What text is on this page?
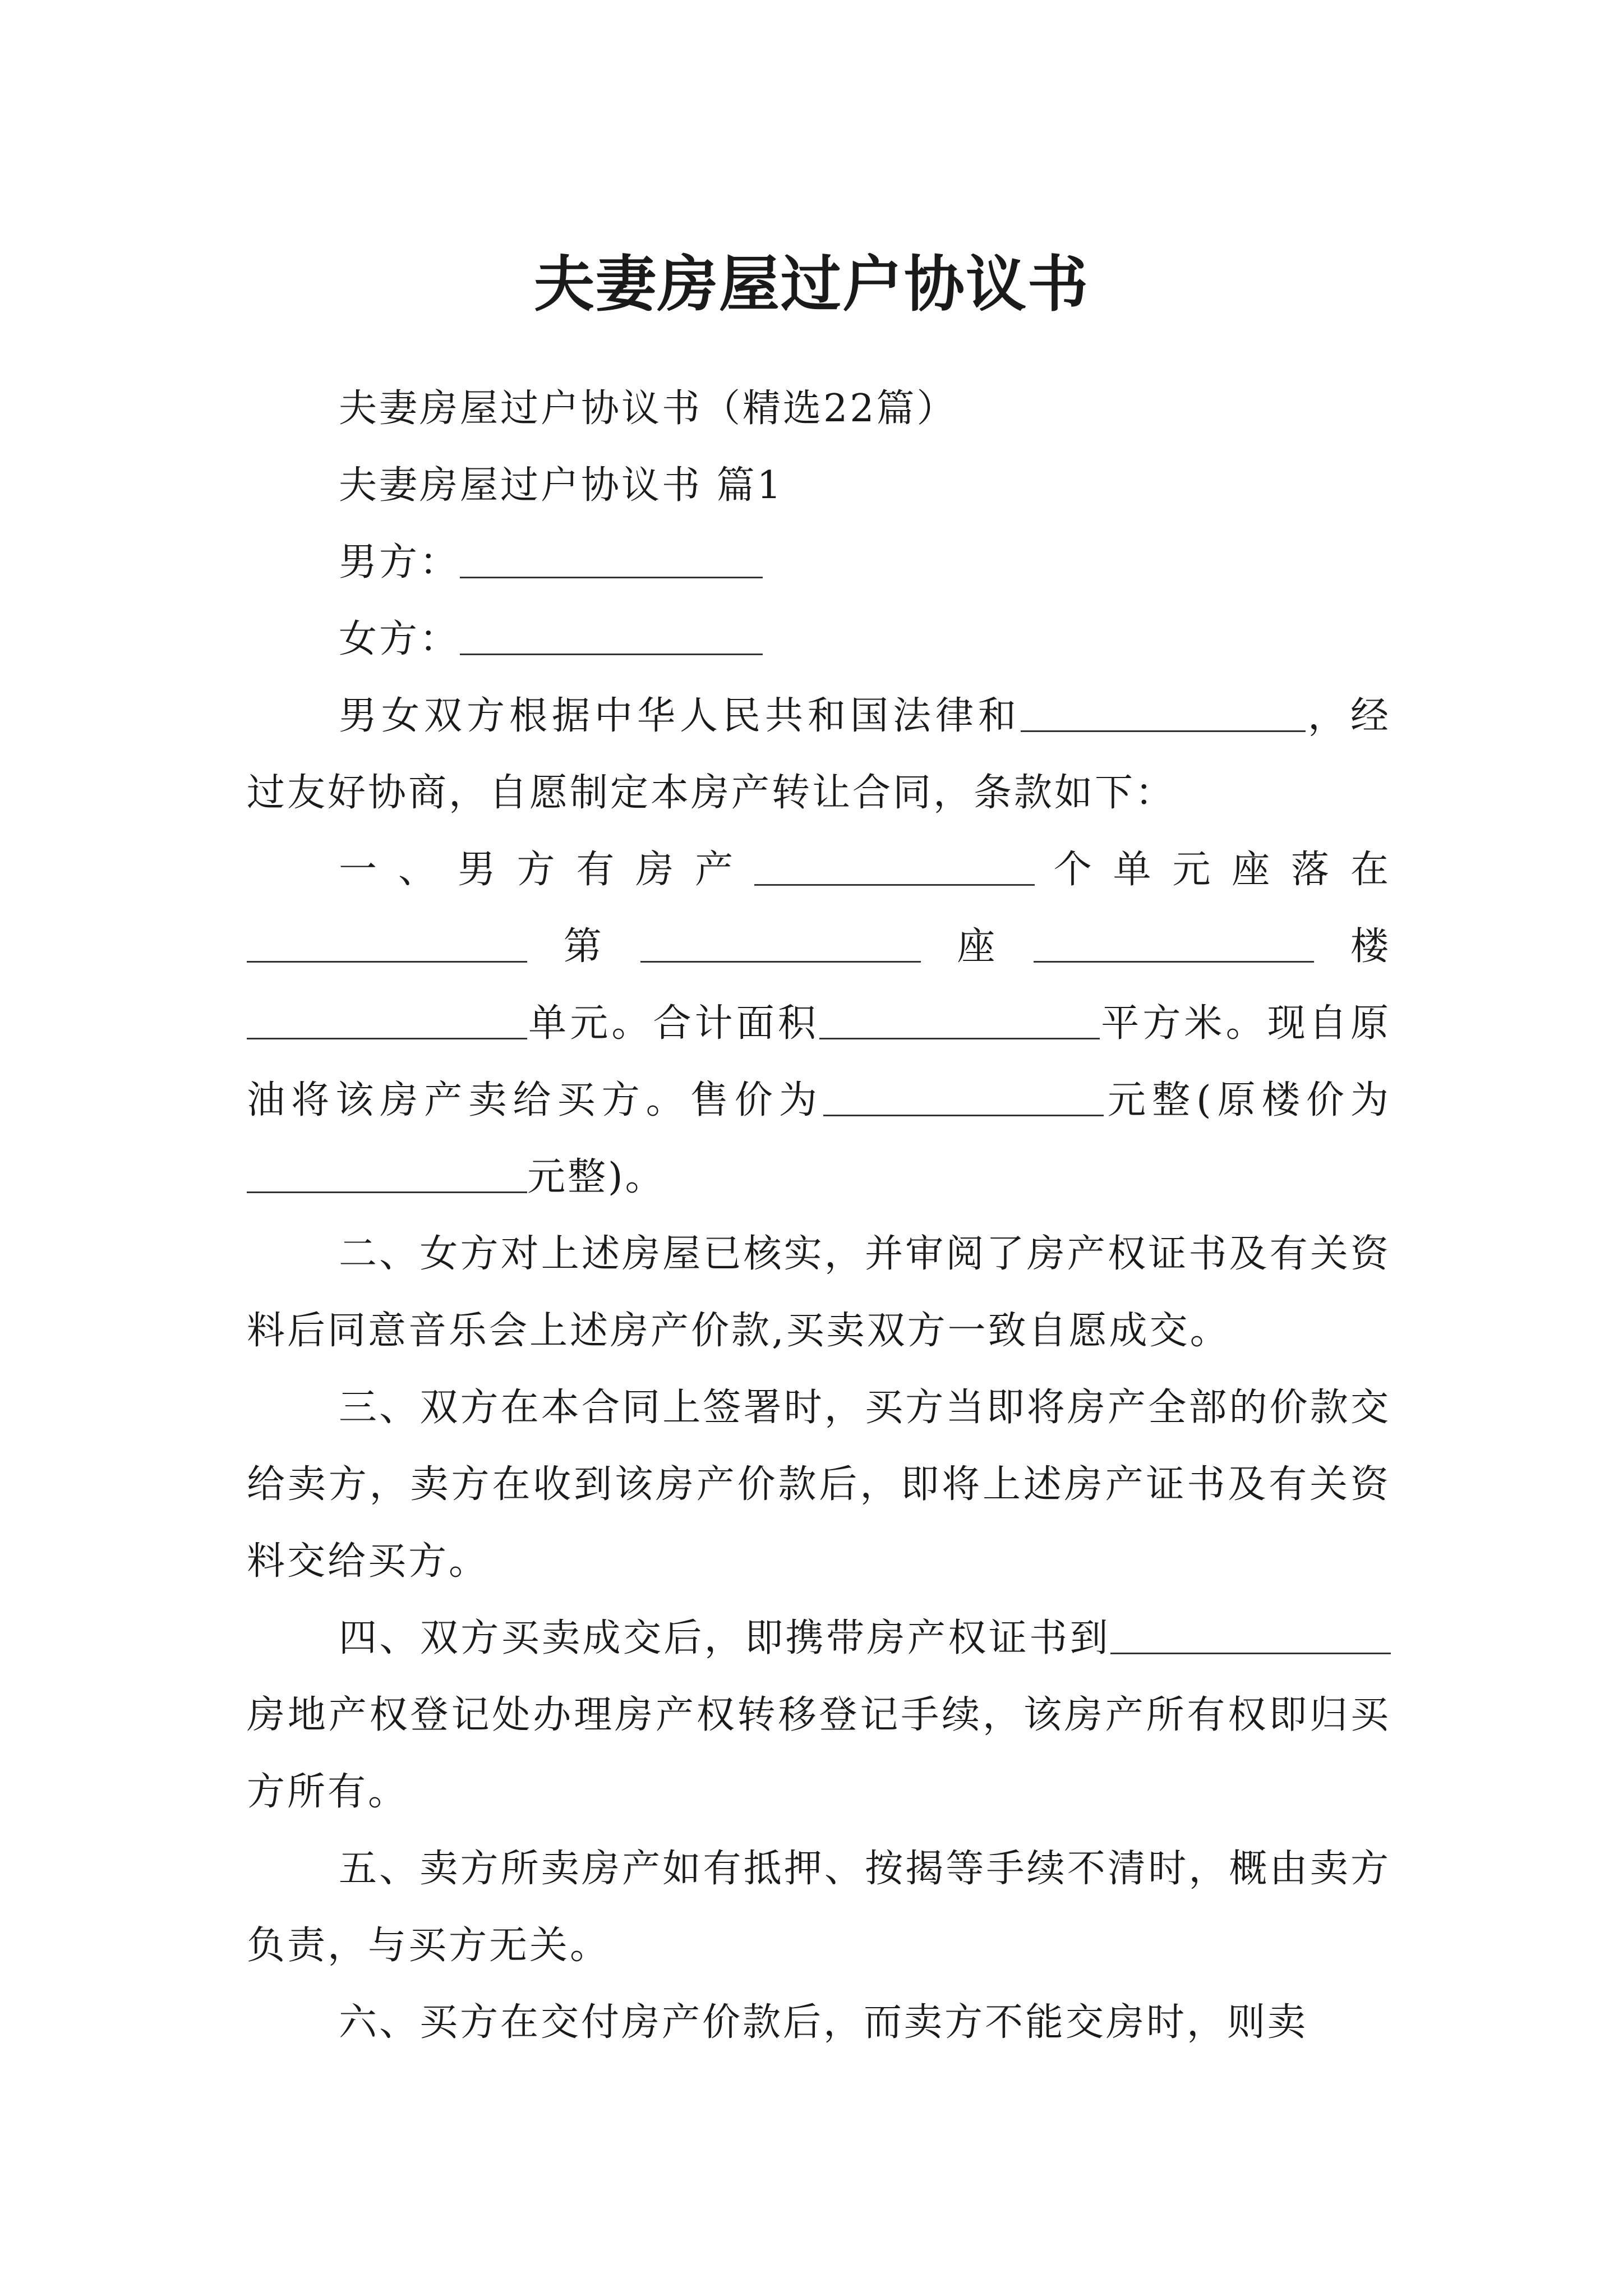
夫妻房屋过户协议书

夫妻房屋过户协议书（精选22篇）

夫妻房屋过户协议书 篇1

男方：

女方：

男女双方根据中华人民共和国法律和	，经过友好协商，自愿制定本房产转让合同，条款如下：

一、男方有房产	个单元座落在第	座	楼单元。合计面积	平方米。现自原油将该房产卖给买方。售价为	元整(原楼价为元整)。

二、女方对上述房屋已核实，并审阅了房产权证书及有关资料后同意音乐会上述房产价款,买卖双方一致自愿成交。

三、双方在本合同上签署时，买方当即将房产全部的价款交给卖方，卖方在收到该房产价款后，即将上述房产证书及有关资料交给买方。

四、双方买卖成交后，即携带房产权证书到房地产权登记处办理房产权转移登记手续，该房产所有权即归买方所有。

五、卖方所卖房产如有抵押、按揭等手续不清时，概由卖方负责，与买方无关。

六、买方在交付房产价款后，而卖方不能交房时，则卖
